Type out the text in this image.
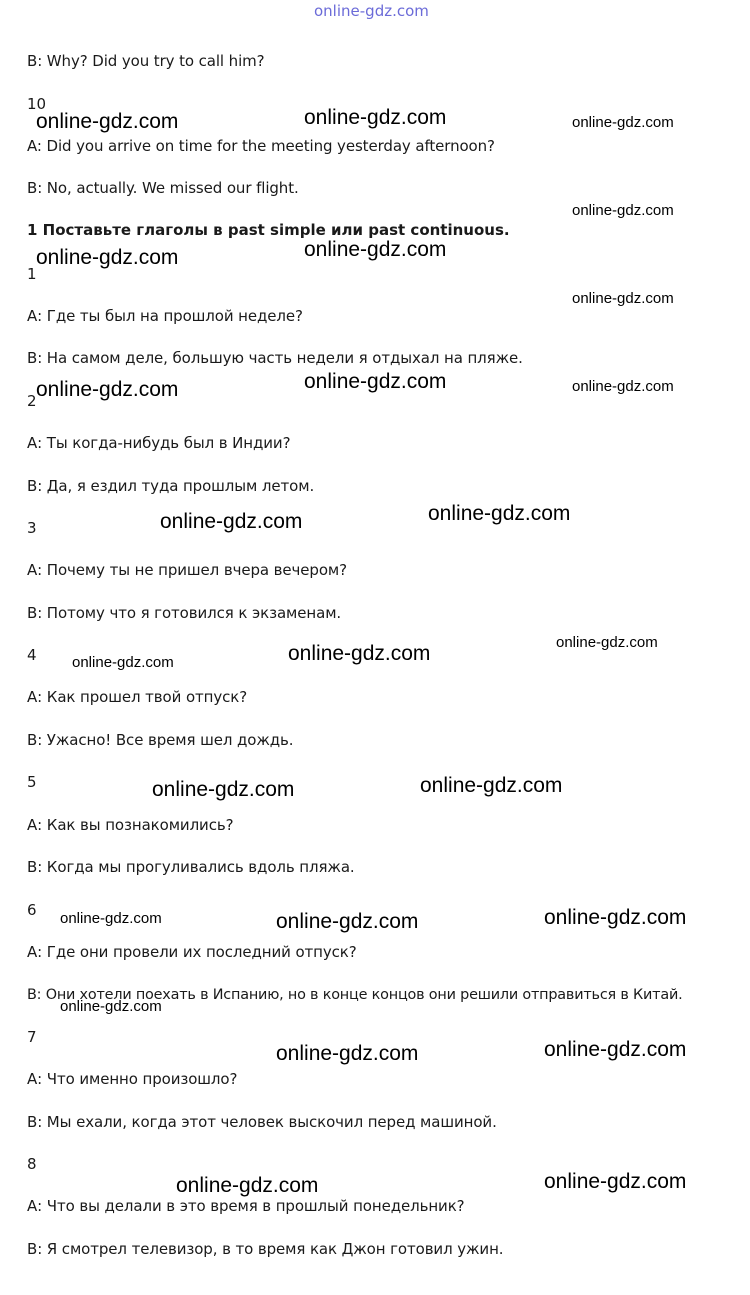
online-gdz.com
B: Why? Did you try to call him?
10
A: Did you arrive on time for the meeting yesterday afternoon?
B: No, actually. We missed our flight.
1 Поставьте глаголы в past simple или past continuous.
1
А: Где ты был на прошлой неделе?
В: На самом деле, большую часть недели я отдыхал на пляже.
2
А: Ты когда-нибудь был в Индии?
В: Да, я ездил туда прошлым летом.
3
А: Почему ты не пришел вчера вечером?
В: Потому что я готовился к экзаменам.
4
А: Как прошел твой отпуск?
В: Ужасно! Все время шел дождь.
5
А: Как вы познакомились?
В: Когда мы прогуливались вдоль пляжа.
6
А: Где они провели их последний отпуск?
В: Они хотели поехать в Испанию, но в конце концов они решили отправиться в Китай.
7
А: Что именно произошло?
В: Мы ехали, когда этот человек выскочил перед машиной.
8
А: Что вы делали в это время в прошлый понедельник?
В: Я смотрел телевизор, в то время как Джон готовил ужин.
online-gdz.com	online-gdz.com	online-gdz.com
online-gdz.com
online-gdz.com
online-gdz.com
online-gdz.com
online-gdz.com	online-gdz.com	online-gdz.com
online-gdz.com	online-gdz.com
online-gdz.com
online-gdz.com
online-gdz.com
online-gdz.com	online-gdz.com
online-gdz.com	online-gdz.com	online-gdz.com
online-gdz.com
online-gdz.com	online-gdz.com
online-gdz.com	online-gdz.com
